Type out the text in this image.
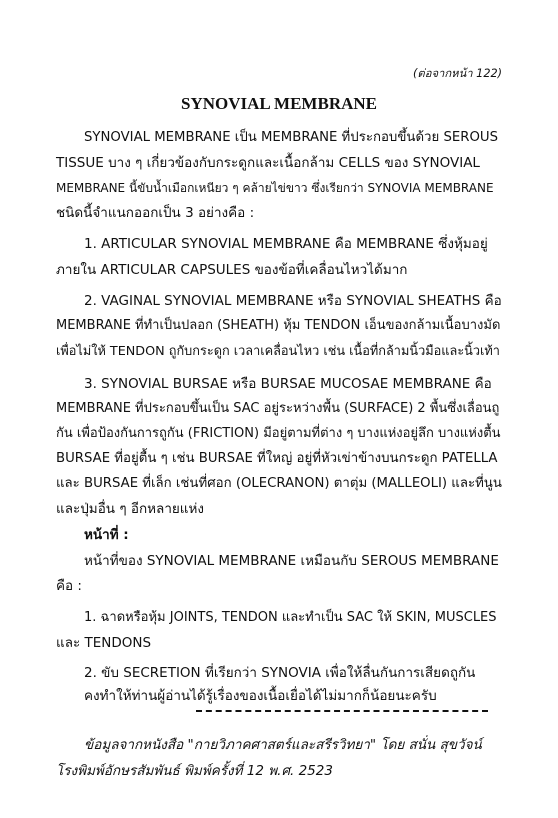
(ต่อจากหน้า 122)
SYNOVIAL MEMBRANE
SYNOVIAL MEMBRANE เป็น MEMBRANE ที่ประกอบขึ้นด้วย SEROUS
TISSUE บาง ๆ เกี่ยวข้องกับกระดูกและเนื้อกล้าม CELLS ของ SYNOVIAL
MEMBRANE นี้ขับน้ำเมือกเหนียว ๆ คล้ายไข่ขาว ซึ่งเรียกว่า SYNOVIA MEMBRANE
ชนิดนี้จำแนกออกเป็น 3 อย่างคือ :
1. ARTICULAR SYNOVIAL MEMBRANE คือ MEMBRANE ซึ่งหุ้มอยู่
ภายใน ARTICULAR CAPSULES ของข้อที่เคลื่อนไหวได้มาก
2. VAGINAL SYNOVIAL MEMBRANE หรือ SYNOVIAL SHEATHS คือ
MEMBRANE ที่ทำเป็นปลอก (SHEATH) หุ้ม TENDON เอ็นของกล้ามเนื้อบางมัด
เพื่อไม่ให้ TENDON ถูกับกระดูก เวลาเคลื่อนไหว เช่น เนื้อที่กล้ามนิ้วมือและนิ้วเท้า
3. SYNOVIAL BURSAE หรือ BURSAE MUCOSAE MEMBRANE คือ
MEMBRANE ที่ประกอบขึ้นเป็น SAC อยู่ระหว่างพื้น (SURFACE) 2 พื้นซึ่งเลื่อนถู
กัน เพื่อป้องกันการถูกัน (FRICTION) มีอยู่ตามที่ต่าง ๆ บางแห่งอยู่ลึก บางแห่งตื้น
BURSAE ที่อยู่ตื้น ๆ เช่น BURSAE ที่ใหญ่ อยู่ที่หัวเข่าข้างบนกระดูก PATELLA
และ BURSAE ที่เล็ก เช่นที่ศอก (OLECRANON) ตาตุ่ม (MALLEOLI) และที่นูน
และปุ่มอื่น ๆ อีกหลายแห่ง
หน้าที่ :
หน้าที่ของ SYNOVIAL MEMBRANE เหมือนกับ SEROUS MEMBRANE
คือ :
1. ฉาดหรือหุ้ม JOINTS, TENDON และทำเป็น SAC ให้ SKIN, MUSCLES
และ TENDONS
2. ขับ SECRETION ที่เรียกว่า SYNOVIA เพื่อให้ลื่นกันการเสียดถูกัน
คงทำให้ท่านผู้อ่านได้รู้เรื่องของเนื้อเยื่อได้ไม่มากก็น้อยนะครับ
ข้อมูลจากหนังสือ "กายวิภาคศาสตร์และสรีรวิทยา" โดย สนั่น สุขวัจน์
โรงพิมพ์อักษรสัมพันธ์ พิมพ์ครั้งที่ 12 พ.ศ. 2523
